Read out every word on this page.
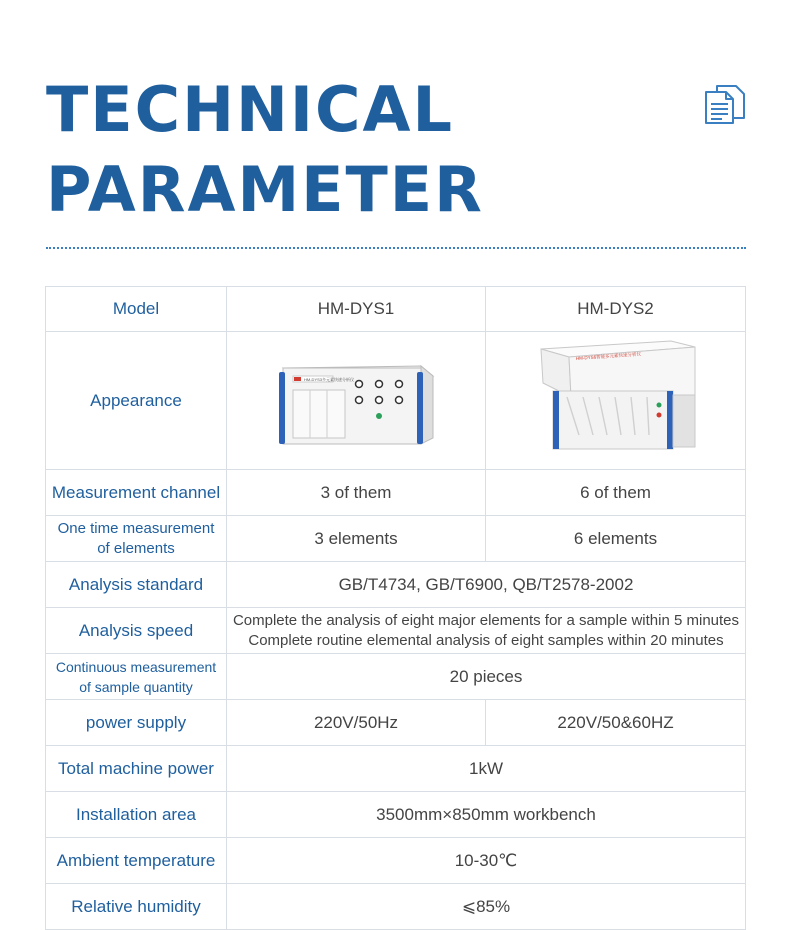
TECHNICAL
PARAMETER
Model	HM-DYS1	HM-DYS2
Appearance	HM-DYS3多元素快速分析仪	HM-DYS6智能多元素快速分析仪

Measurement channel	3 of them	6 of them

One time measurement
of elements	3 elements	6 elements
Analysis standard	GB/T4734, GB/T6900, QB/T2578-2002	
Analysis speed	Complete the analysis of eight major elements for a sample within 5 minutes
Complete routine elemental analysis of eight samples within 20 minutes	

Continuous measurement
of sample quantity	20 pieces	
power supply	220V/50Hz	220V/50&60HZ
Total machine power	1kW	
Installation area	3500mm×850mm workbench	
Ambient temperature	10-30℃	
Relative humidity	⩽85%	
